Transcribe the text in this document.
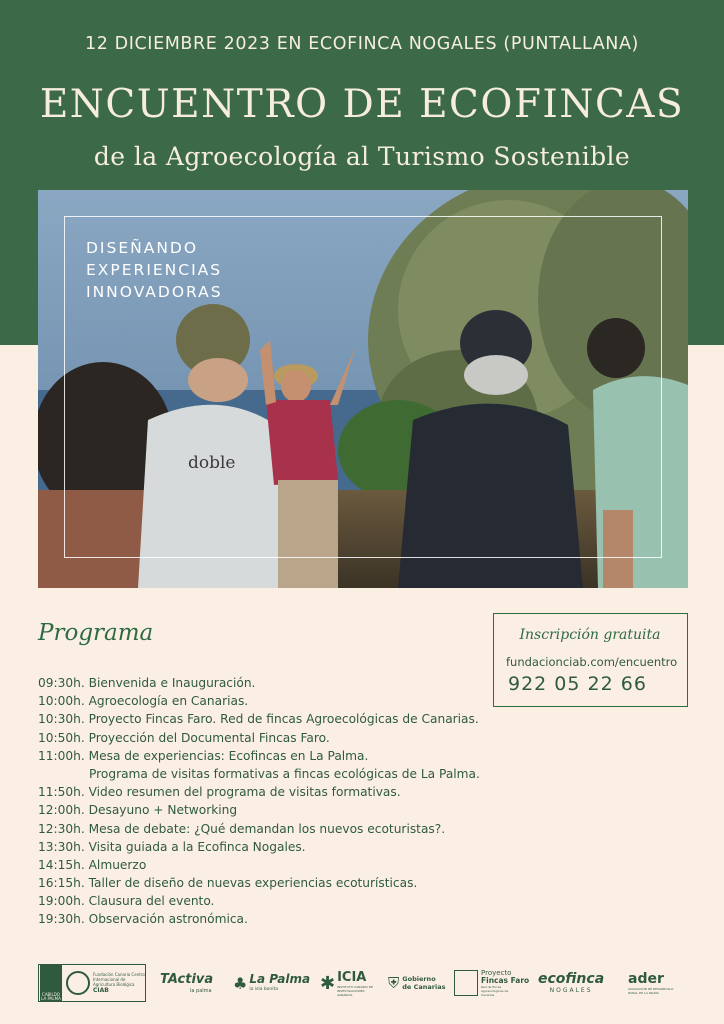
12 DICIEMBRE 2023 EN ECOFINCA NOGALES (PUNTALLANA)
ENCUENTRO DE ECOFINCAS
de la Agroecología al Turismo Sostenible
doble
DISEÑANDO
EXPERIENCIAS
INNOVADORAS
Programa	Inscripción gratuita
fundacionciab.com/encuentro
922 05 22 66
09:30h. Bienvenida e Inauguración.
10:00h. Agroecología en Canarias.
10:30h. Proyecto Fincas Faro. Red de fincas Agroecológicas de Canarias.
10:50h. Proyección del Documental Fincas Faro.
11:00h. Mesa de experiencias: Ecofincas en La Palma.
Programa de visitas formativas a fincas ecológicas de La Palma.
11:50h. Video resumen del programa de visitas formativas.
12:00h. Desayuno + Networking
12:30h. Mesa de debate: ¿Qué demandan los nuevos ecoturistas?.
13:30h. Visita guiada a la Ecofinca Nogales.
14:15h. Almuerzo
16:15h. Taller de diseño de nuevas experiencias ecoturísticas.
19:00h. Clausura del evento.
19:30h. Observación astronómica.
CABILDO LA PALMA
Fundación Canaria Centro Internacional de Agricultura Biológica
CIAB
TActiva
la palma ♣ La Palma
la isla bonita	✱ ICIA
INSTITUTO CANARIO DE INVESTIGACIONES AGRARIAS
⛨ Gobierno
de Canarias
Proyecto
Fincas Faro
Red de fincas agroecológicas de Canarias
ecofinca
NOGALES
ader
ASOCIACIÓN DE DESARROLLO RURAL DE LA PALMA
